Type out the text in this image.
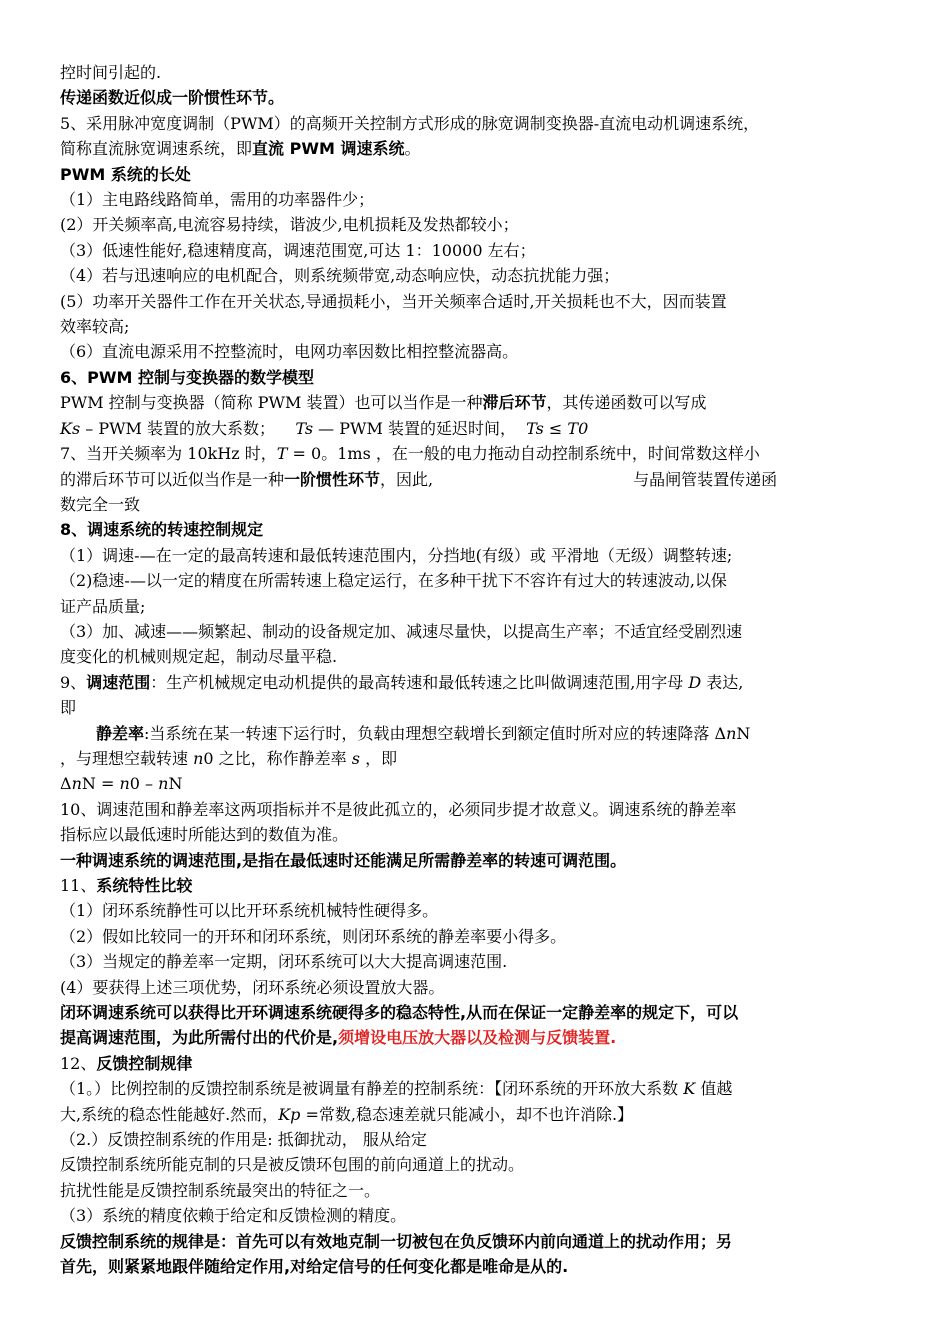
控时间引起的.

传递函数近似成一阶惯性环节。

5、采用脉冲宽度调制（PWM）的高频开关控制方式形成的脉宽调制变换器-直流电动机调速系统，

简称直流脉宽调速系统，即直流 PWM 调速系统。

PWM 系统的长处

（1）主电路线路简单，需用的功率器件少；

(2）开关频率高,电流容易持续，谐波少,电机损耗及发热都较小；

（3）低速性能好,稳速精度高，调速范围宽,可达 1：10000 左右；

（4）若与迅速响应的电机配合，则系统频带宽,动态响应快，动态抗扰能力强；

(5）功率开关器件工作在开关状态,导通损耗小，当开关频率合适时,开关损耗也不大，因而装置

效率较高;

（6）直流电源采用不控整流时，电网功率因数比相控整流器高。

6、PWM 控制与变换器的数学模型

PWM 控制与变换器（简称 PWM 装置）也可以当作是一种滞后环节，其传递函数可以写成

Ks – PWM 装置的放大系数； Ts — PWM 装置的延迟时间， Ts ≤ T0

7、当开关频率为 10kHz 时，T = 0。1ms ，在一般的电力拖动自动控制系统中，时间常数这样小

的滞后环节可以近似当作是一种一阶惯性环节，因此,	与晶闸管装置传递函

数完全一致

8、调速系统的转速控制规定

（1）调速-—在一定的最高转速和最低转速范围内，分挡地(有级）或 平滑地（无级）调整转速;

（2)稳速-—以一定的精度在所需转速上稳定运行，在多种干扰下不容许有过大的转速波动,以保

证产品质量;

（3）加、减速——频繁起、制动的设备规定加、减速尽量快，以提高生产率；不适宜经受剧烈速

度变化的机械则规定起，制动尽量平稳.

9、调速范围：生产机械规定电动机提供的最高转速和最低转速之比叫做调速范围,用字母 D 表达,

即

静差率:当系统在某一转速下运行时，负载由理想空载增长到额定值时所对应的转速降落 ΔnN

，与理想空载转速 n0 之比，称作静差率 s ，即

ΔnN = n0 – nN

10、调速范围和静差率这两项指标并不是彼此孤立的，必须同步提才故意义。调速系统的静差率

指标应以最低速时所能达到的数值为准。

一种调速系统的调速范围,是指在最低速时还能满足所需静差率的转速可调范围。

11、系统特性比较

（1）闭环系统静性可以比开环系统机械特性硬得多。

（2）假如比较同一的开环和闭环系统，则闭环系统的静差率要小得多。

（3）当规定的静差率一定期，闭环系统可以大大提高调速范围.

(4）要获得上述三项优势，闭环系统必须设置放大器。

闭环调速系统可以获得比开环调速系统硬得多的稳态特性,从而在保证一定静差率的规定下，可以

提高调速范围，为此所需付出的代价是,须增设电压放大器以及检测与反馈装置.

12、反馈控制规律

（1。）比例控制的反馈控制系统是被调量有静差的控制系统：【闭环系统的开环放大系数 K 值越

大,系统的稳态性能越好.然而，Kp =常数,稳态速差就只能减小，却不也许消除.】

（2.）反馈控制系统的作用是: 抵御扰动， 服从给定

反馈控制系统所能克制的只是被反馈环包围的前向通道上的扰动。

抗扰性能是反馈控制系统最突出的特征之一。

（3）系统的精度依赖于给定和反馈检测的精度。

反馈控制系统的规律是：首先可以有效地克制一切被包在负反馈环内前向通道上的扰动作用；另

首先，则紧紧地跟伴随给定作用,对给定信号的任何变化都是唯命是从的.
